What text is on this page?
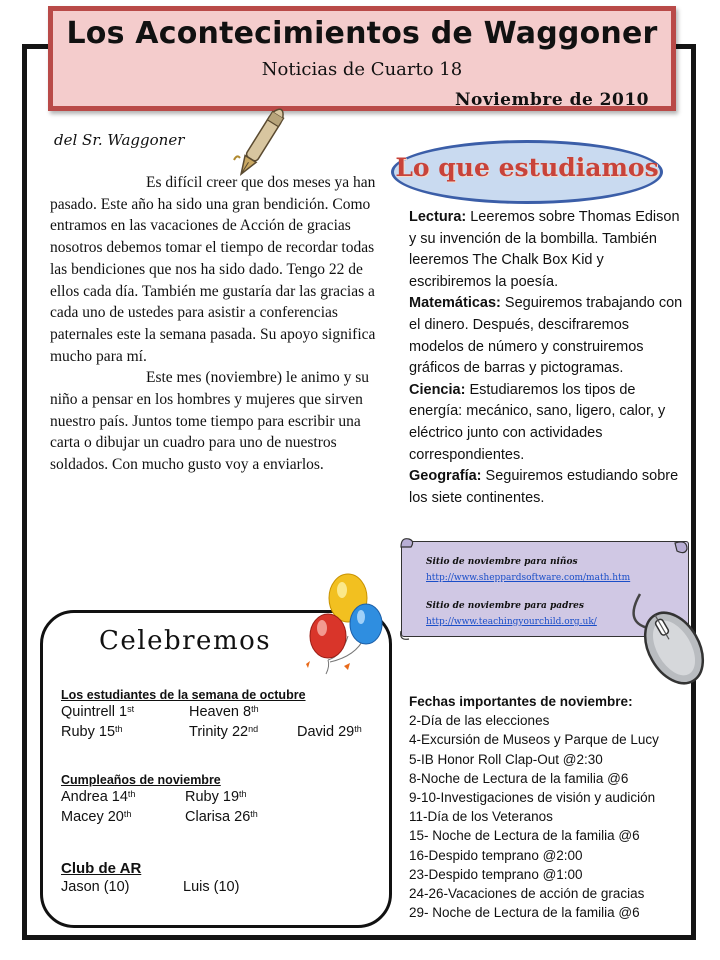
Los Acontecimientos de Waggoner
Noticias de Cuarto 18
Noviembre de 2010
del Sr. Waggoner

Es difícil creer que dos meses ya han pasado. Este año ha sido una gran bendición. Como entramos en las vacaciones de Acción de gracias nosotros debemos tomar el tiempo de recordar todas las bendiciones que nos ha sido dado. Tengo 22 de ellos cada día. También me gustaría dar las gracias a cada uno de ustedes para asistir a conferencias paternales este la semana pasada. Su apoyo significa mucho para mí.

Este mes (noviembre) le animo y su niño a pensar en los hombres y mujeres que sirven nuestro país. Juntos tome tiempo para escribir una carta o dibujar un cuadro para uno de nuestros soldados. Con mucho gusto voy a enviarlos.

Lo que estudiamos

Lectura: Leeremos sobre Thomas Edison y su invención de la bombilla. También leeremos The Chalk Box Kid y escribiremos la poesía.

Matemáticas: Seguiremos trabajando con el dinero. Después, descifraremos modelos de número y construiremos gráficos de barras y pictogramas.

Ciencia: Estudiaremos los tipos de energía: mecánico, sano, ligero, calor, y eléctrico junto con actividades correspondientes.

Geografía: Seguiremos estudiando sobre los siete continentes.

Sitio de noviembre para niños
http://www.sheppardsoftware.com/math.htm
Sitio de noviembre para padres
http://www.teachingyourchild.org.uk/
Fechas importantes de noviembre:
2-Día de las elecciones
4-Excursión de Museos y Parque de Lucy
5-IB Honor Roll Clap-Out @2:30
8-Noche de Lectura de la familia @6
9-10-Investigaciones de visión y audición
11-Día de los Veteranos
15- Noche de Lectura de la familia @6
16-Despido temprano @2:00
23-Despido temprano @1:00
24-26-Vacaciones de acción de gracias
29- Noche de Lectura de la familia @6
Celebremos
Los estudiantes de la semana de octubre
Quintrell 1st	Heaven 8th
Ruby 15th	Trinity 22nd	David 29th
Cumpleaños de noviembre
Andrea 14th	Ruby 19th
Macey 20th	Clarisa 26th
Club de AR
Jason (10)	Luis (10)
